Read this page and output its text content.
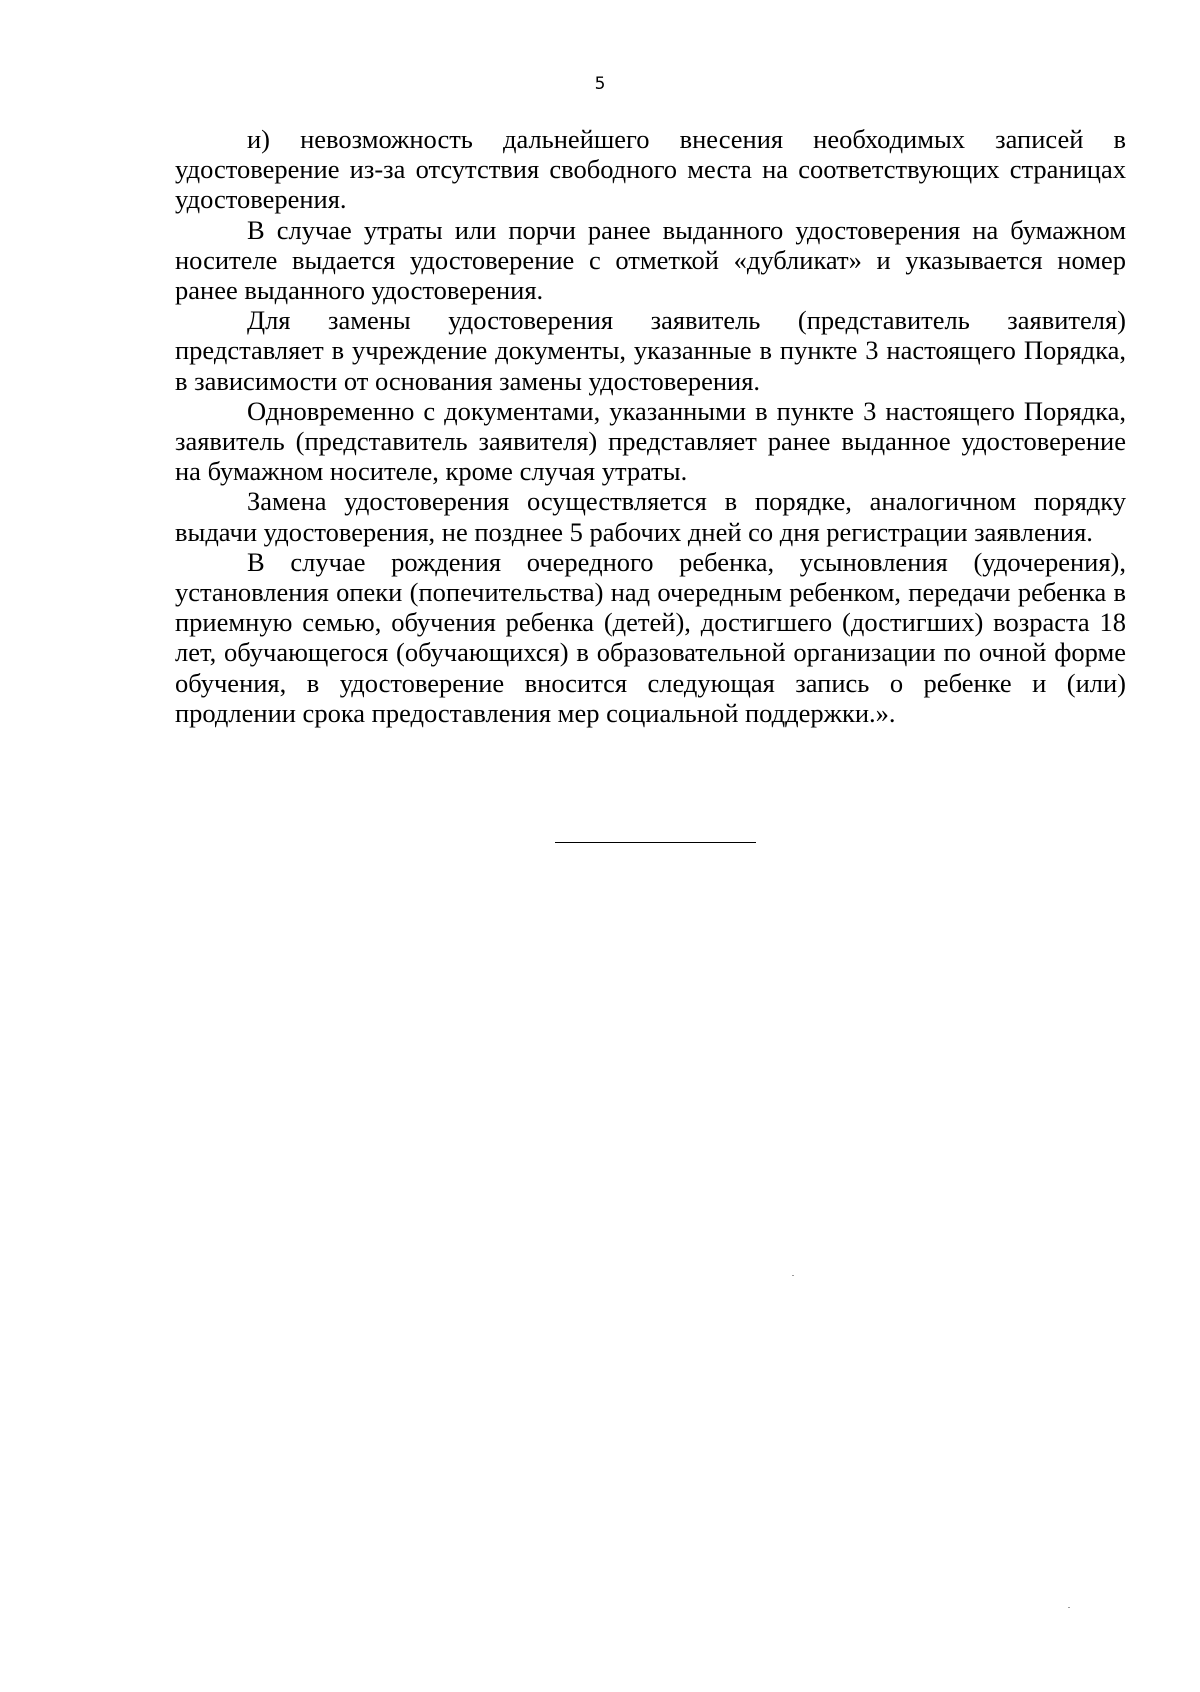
5

и) невозможность дальнейшего внесения необходимых записей в удостоверение из-за отсутствия свободного места на соответствующих страницах удостоверения.

В случае утраты или порчи ранее выданного удостоверения на бумажном носителе выдается удостоверение с отметкой «дубликат» и указывается номер ранее выданного удостоверения.

Для замены удостоверения заявитель (представитель заявителя) представляет в учреждение документы, указанные в пункте 3 настоящего Порядка, в зависимости от основания замены удостоверения.

Одновременно с документами, указанными в пункте 3 настоящего Порядка, заявитель (представитель заявителя) представляет ранее выданное удостоверение на бумажном носителе, кроме случая утраты.

Замена удостоверения осуществляется в порядке, аналогичном порядку выдачи удостоверения, не позднее 5 рабочих дней со дня регистрации заявления.

В случае рождения очередного ребенка, усыновления (удочерения), установления опеки (попечительства) над очередным ребенком, передачи ребенка в приемную семью, обучения ребенка (детей), достигшего (достигших) возраста 18 лет, обучающегося (обучающихся) в образовательной организации по очной форме обучения, в удостоверение вносится следующая запись о ребенке и (или) продлении срока предоставления мер социальной поддержки.».
